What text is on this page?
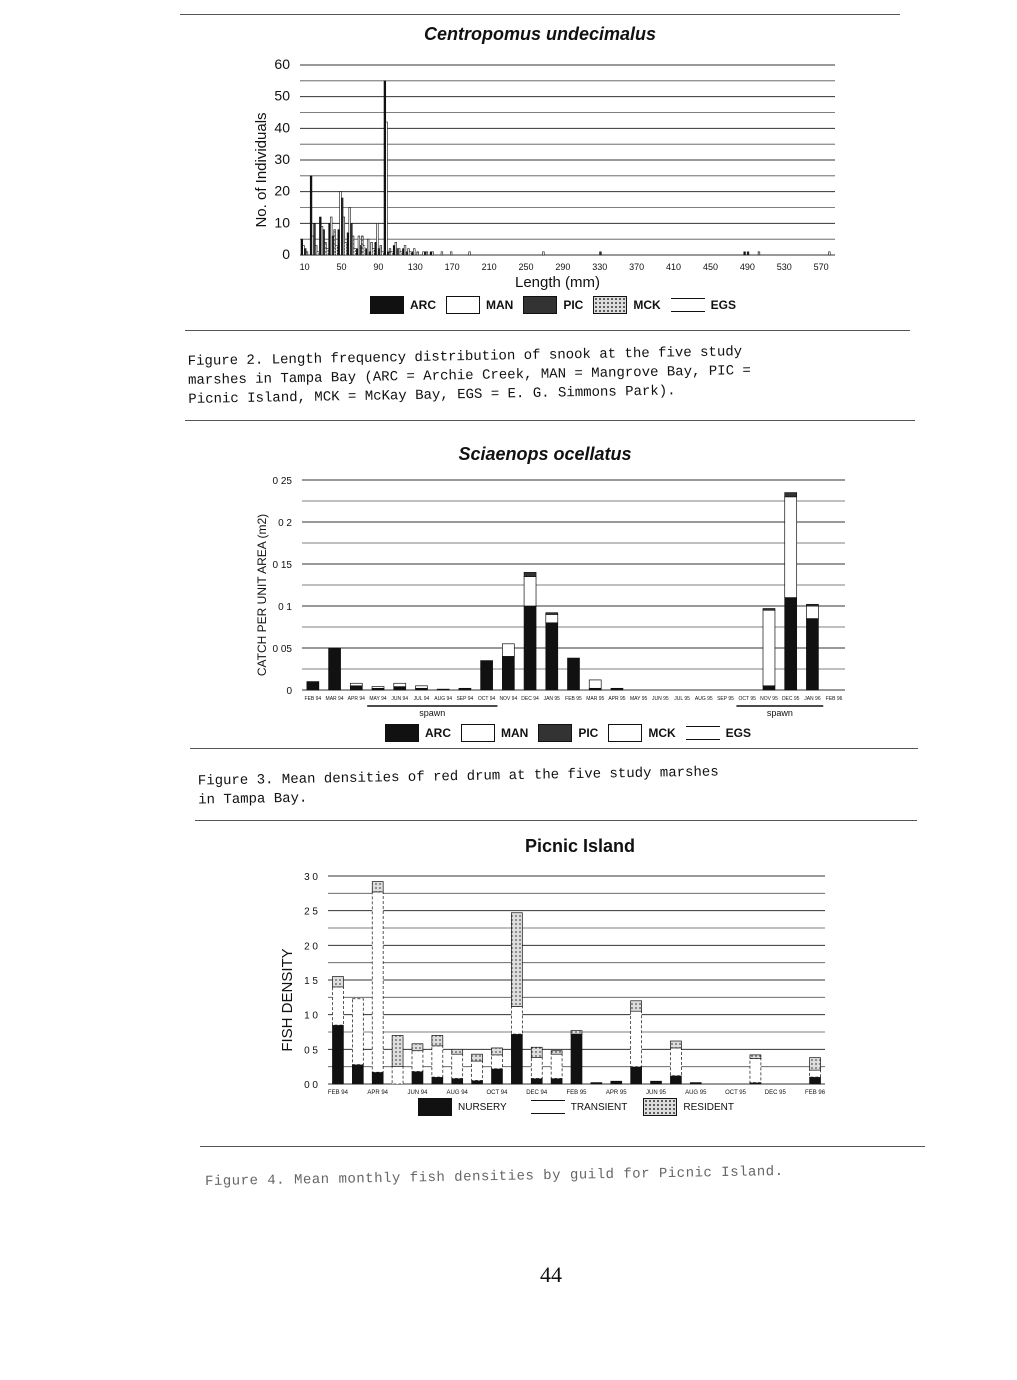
Centropomus undecimalus
0
10
20
30
40
50
60
No. of Individuals
10	50	90	130 170 210 250 290 330 370 410 450 490 530 570
Length (mm)
ARC	MAN	PIC	MCK	EGS
Figure 2. Length frequency distribution of snook at the five study
marshes in Tampa Bay (ARC = Archie Creek, MAN = Mangrove Bay, PIC =
Picnic Island, MCK = McKay Bay, EGS = E. G. Simmons Park).
Sciaenops ocellatus
0
0 05
0 1
0 15
0 2
0 25
CATCH PER UNIT AREA (m2)
FEB 94 MAR 94 APR 94 MAY 94 JUN 94 JUL 94 AUG 94 SEP 94 OCT 94 NOV 94 DEC 94 JAN 95 FEB 95 MAR 95 APR 95 MAY 95 JUN 95 JUL 95 AUG 95 SEP 95 OCT 95 NOV 95 DEC 95 JAN 96 FEB 96
spawn	spawn
ARC	MAN	PIC	MCK	EGS
Figure 3. Mean densities of red drum at the five study marshes
in Tampa Bay.
Picnic Island
0 0
0 5
1 0
1 5
2 0
2 5
3 0
FISH DENSITY
FEB 94	APR 94	JUN 94	AUG 94	OCT 94	DEC 94	FEB 95	APR 95	JUN 95	AUG 95	OCT 95	DEC 95	FEB 96
NURSERY	TRANSIENT	RESIDENT
Figure 4. Mean monthly fish densities by guild for Picnic Island.
44
